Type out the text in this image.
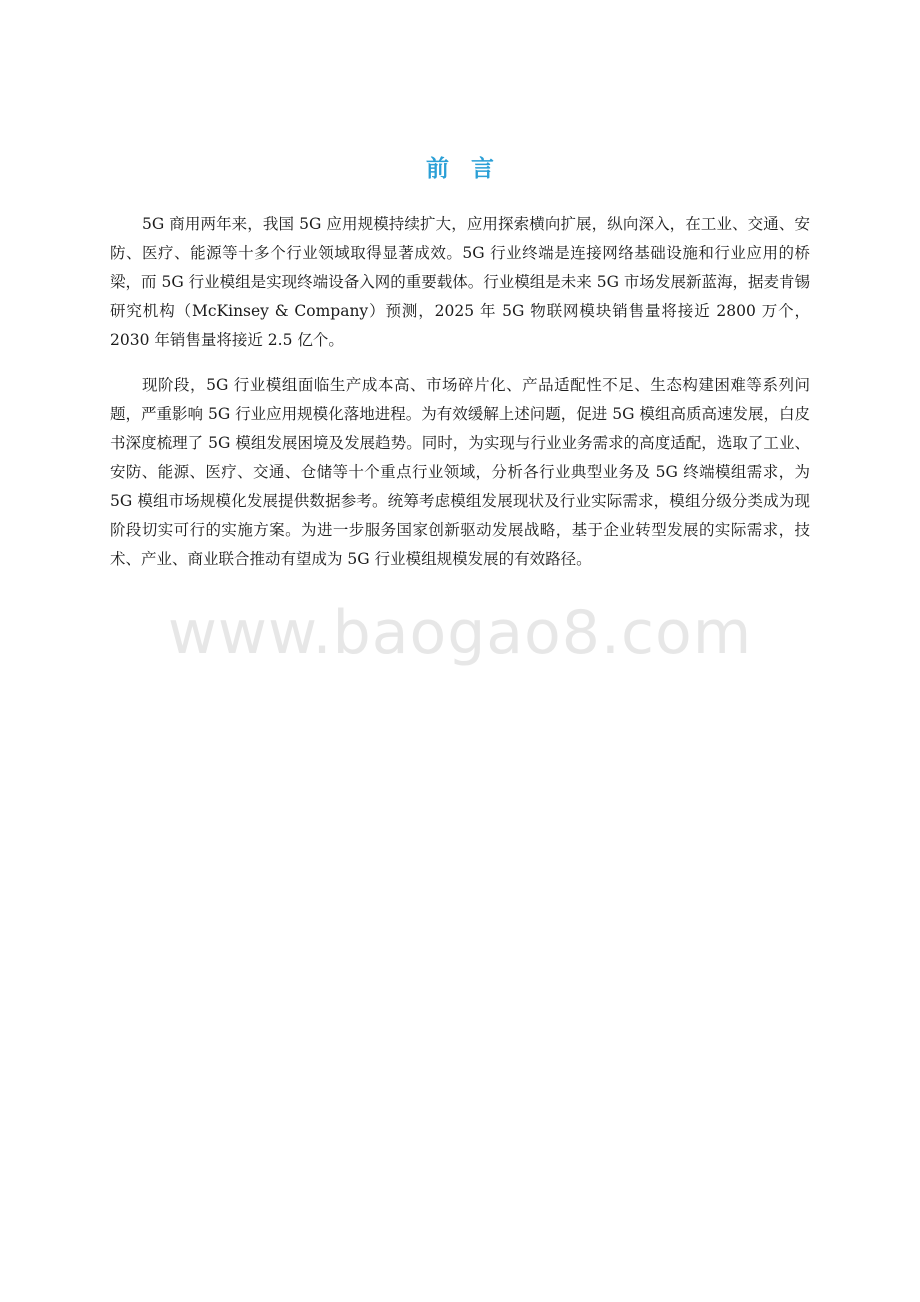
前言

5G 商用两年来，我国 5G 应用规模持续扩大，应用探索横向扩展，纵向深入，在工业、交通、安防、医疗、能源等十多个行业领域取得显著成效。5G 行业终端是连接网络基础设施和行业应用的桥梁，而 5G 行业模组是实现终端设备入网的重要载体。行业模组是未来 5G 市场发展新蓝海，据麦肯锡研究机构（McKinsey & Company）预测，2025 年 5G 物联网模块销售量将接近 2800 万个，2030 年销售量将接近 2.5 亿个。

现阶段，5G 行业模组面临生产成本高、市场碎片化、产品适配性不足、生态构建困难等系列问题，严重影响 5G 行业应用规模化落地进程。为有效缓解上述问题，促进 5G 模组高质高速发展，白皮书深度梳理了 5G 模组发展困境及发展趋势。同时，为实现与行业业务需求的高度适配，选取了工业、安防、能源、医疗、交通、仓储等十个重点行业领域，分析各行业典型业务及 5G 终端模组需求，为 5G 模组市场规模化发展提供数据参考。统筹考虑模组发展现状及行业实际需求，模组分级分类成为现阶段切实可行的实施方案。为进一步服务国家创新驱动发展战略，基于企业转型发展的实际需求，技术、产业、商业联合推动有望成为 5G 行业模组规模发展的有效路径。

www.baogao8.com
